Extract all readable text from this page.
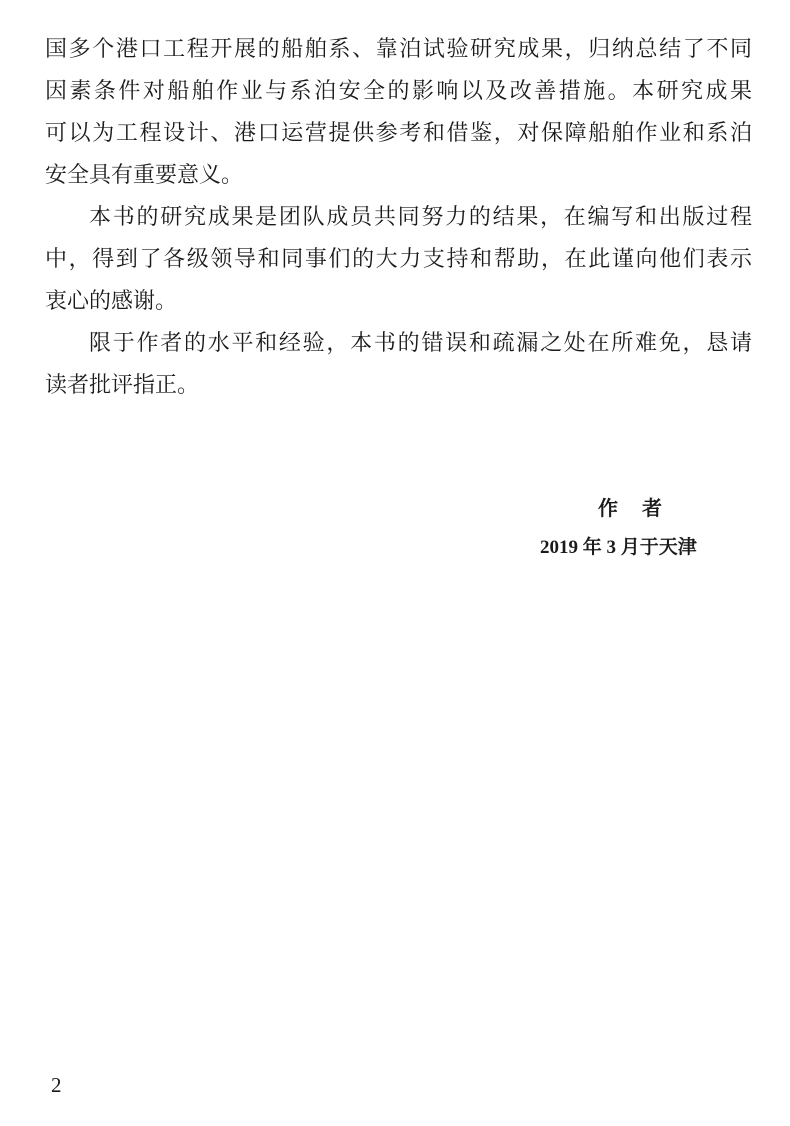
国多个港口工程开展的船舶系、靠泊试验研究成果，归纳总结了不同
因素条件对船舶作业与系泊安全的影响以及改善措施。本研究成果
可以为工程设计、港口运营提供参考和借鉴，对保障船舶作业和系泊
安全具有重要意义。
本书的研究成果是团队成员共同努力的结果，在编写和出版过程
中，得到了各级领导和同事们的大力支持和帮助，在此谨向他们表示
衷心的感谢。
限于作者的水平和经验，本书的错误和疏漏之处在所难免，恳请
读者批评指正。
作者
2019 年 3 月于天津
2
